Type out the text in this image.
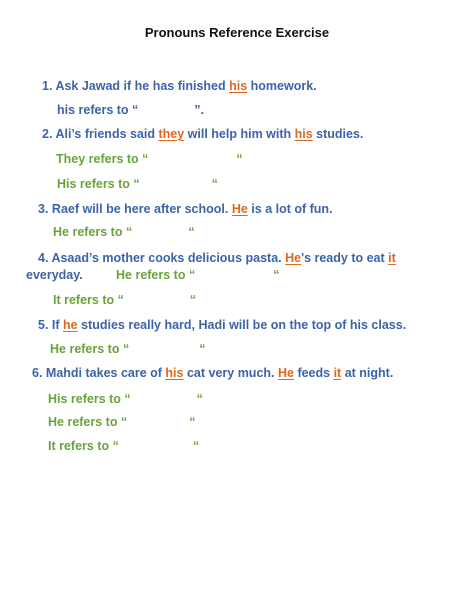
Pronouns Reference Exercise
1. Ask Jawad if he has finished his homework.
his refers to “	”.
2. Ali’s friends said they will help him with his studies.
They refers to “	“
His refers to “	“
3. Raef will be here after school. He is a lot of fun.
He refers to “	“
4. Asaad’s mother cooks delicious pasta. He's ready to eat it
everyday.	He refers to “	“
It refers to “	“
5. If he studies really hard, Hadi will be on the top of his class.
He refers to “	“
6. Mahdi takes care of his cat very much. He feeds it at night.
His refers to “	“
He refers to “	“
It refers to “	“
